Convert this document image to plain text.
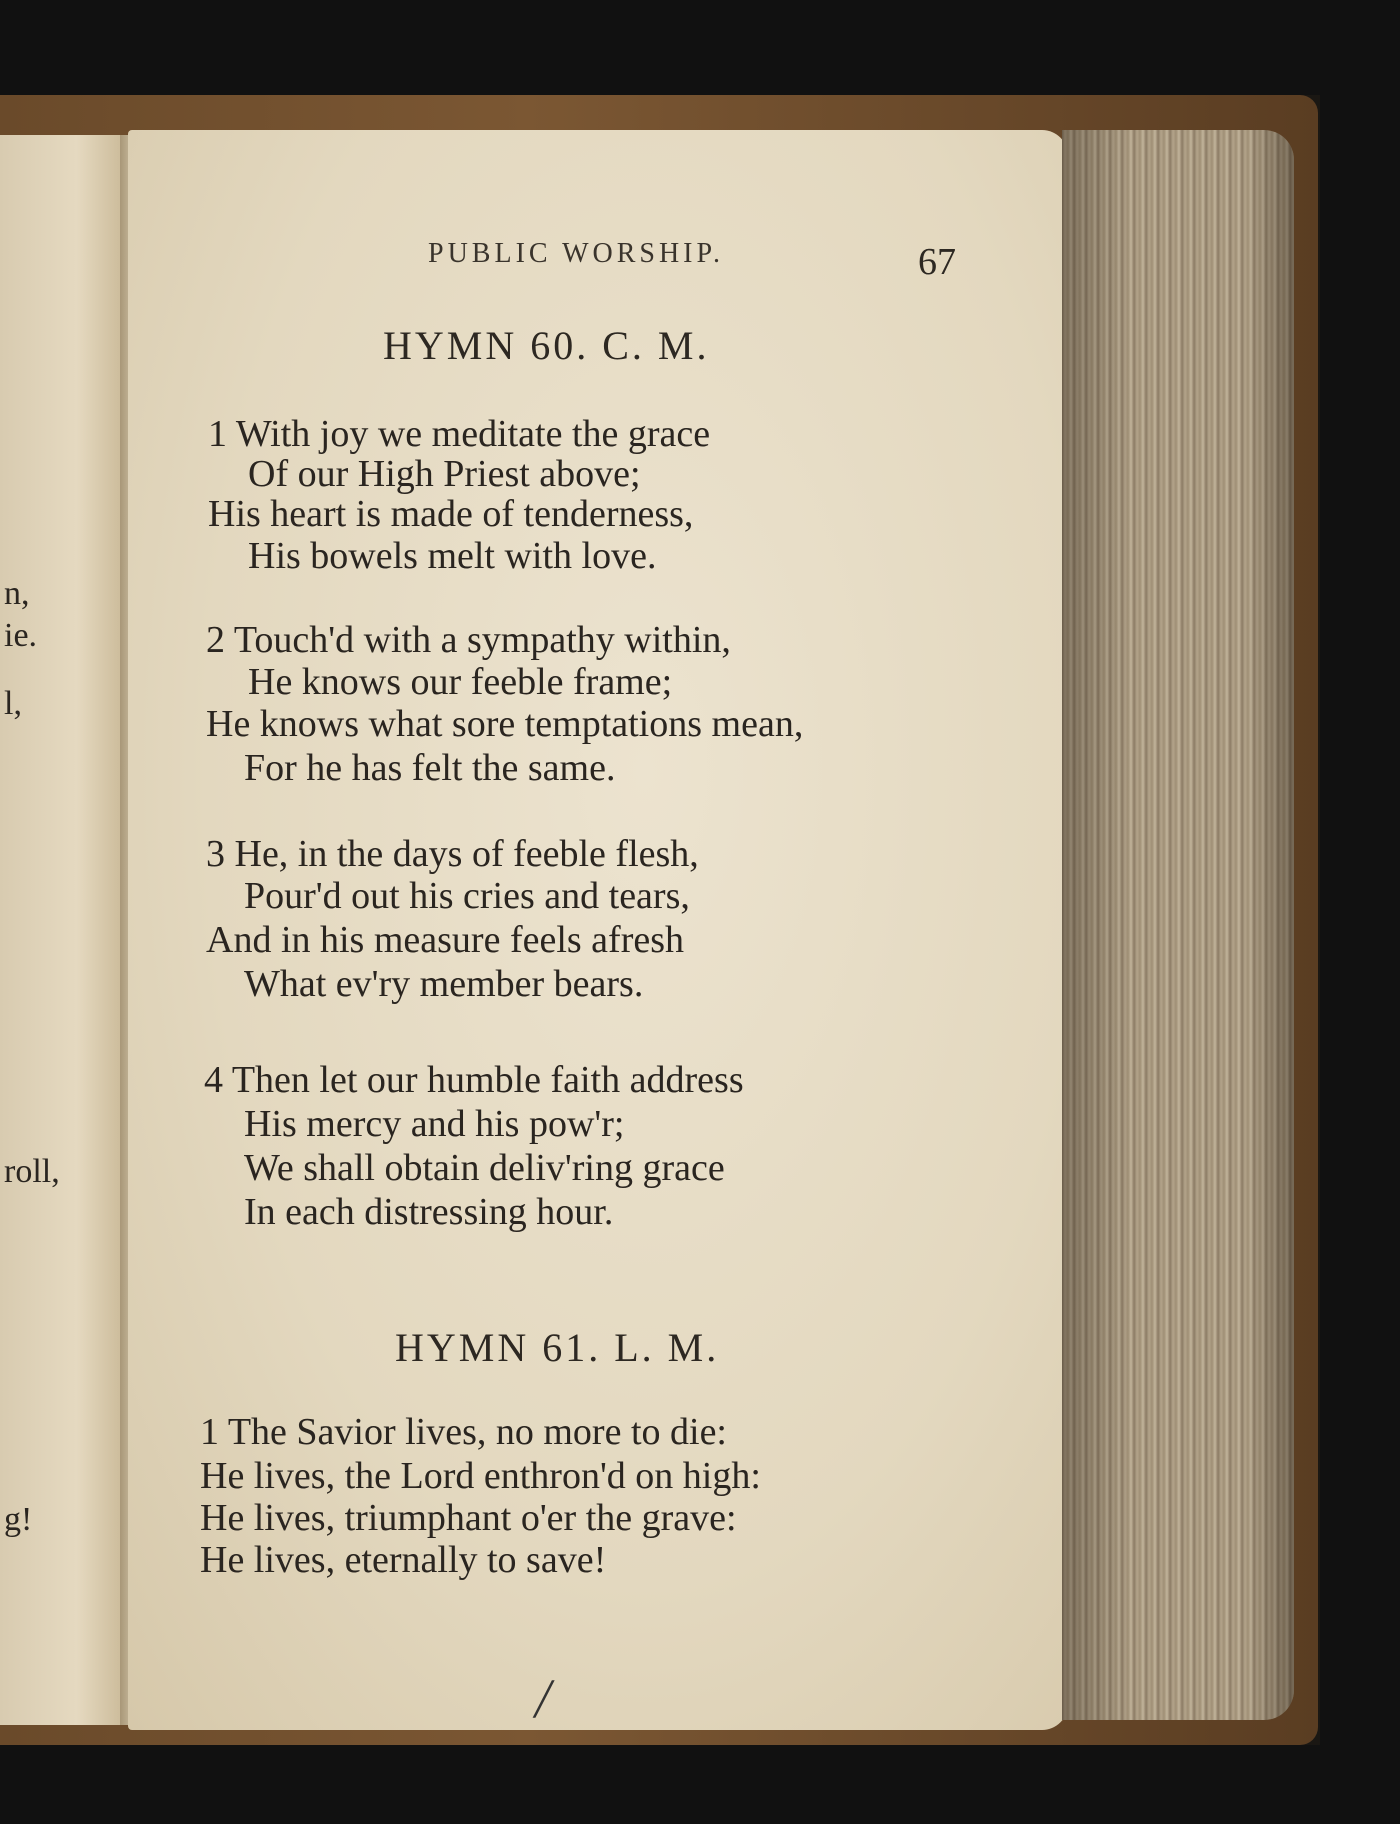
n,
ie.
l,
roll,
g!
PUBLIC WORSHIP.	67
HYMN 60. C. M.
1 With joy we meditate the grace
Of our High Priest above;
His heart is made of tenderness,
His bowels melt with love.
2 Touch'd with a sympathy within,
He knows our feeble frame;
He knows what sore temptations mean,
For he has felt the same.
3 He, in the days of feeble flesh,
Pour'd out his cries and tears,
And in his measure feels afresh
What ev'ry member bears.
4 Then let our humble faith address
His mercy and his pow'r;
We shall obtain deliv'ring grace
In each distressing hour.
HYMN 61. L. M.
1 The Savior lives, no more to die:
He lives, the Lord enthron'd on high:
He lives, triumphant o'er the grave:
He lives, eternally to save!
╱
